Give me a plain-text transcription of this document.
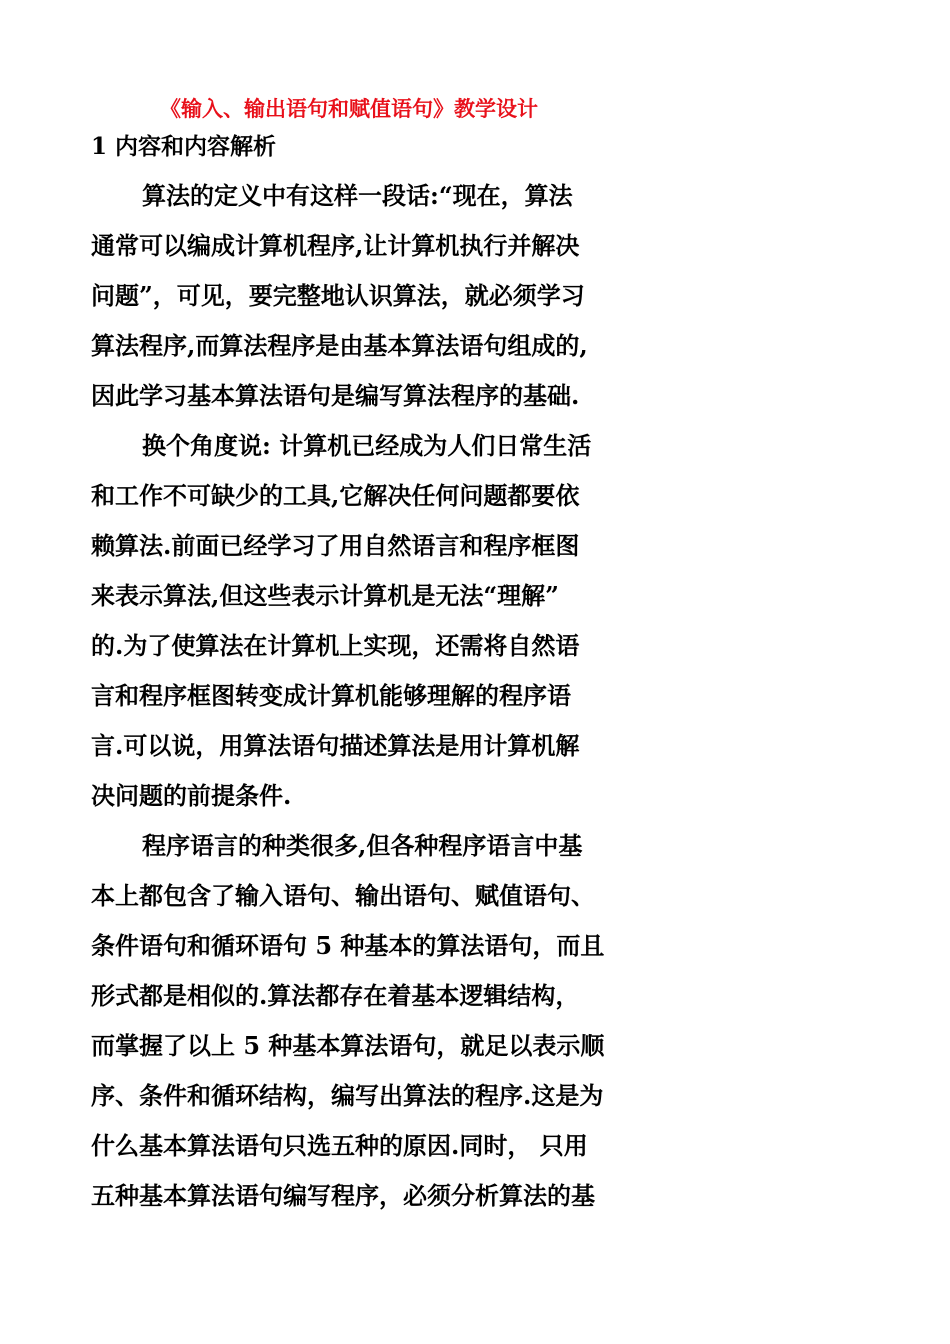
《输入、输出语句和赋值语句》教学设计
1 内容和内容解析
算法的定义中有这样一段话:“现在，算法
通常可以编成计算机程序,让计算机执行并解决
问题”，可见，要完整地认识算法，就必须学习
算法程序,而算法程序是由基本算法语句组成的,
因此学习基本算法语句是编写算法程序的基础.
换个角度说: 计算机已经成为人们日常生活
和工作不可缺少的工具,它解决任何问题都要依
赖算法.前面已经学习了用自然语言和程序框图
来表示算法,但这些表示计算机是无法“理解”
的.为了使算法在计算机上实现，还需将自然语
言和程序框图转变成计算机能够理解的程序语
言.可以说，用算法语句描述算法是用计算机解
决问题的前提条件.
程序语言的种类很多,但各种程序语言中基
本上都包含了输入语句、输出语句、赋值语句、
条件语句和循环语句 5 种基本的算法语句，而且
形式都是相似的.算法都存在着基本逻辑结构，
而掌握了以上 5 种基本算法语句，就足以表示顺
序、条件和循环结构，编写出算法的程序.这是为
什么基本算法语句只选五种的原因.同时， 只用
五种基本算法语句编写程序，必须分析算法的基
